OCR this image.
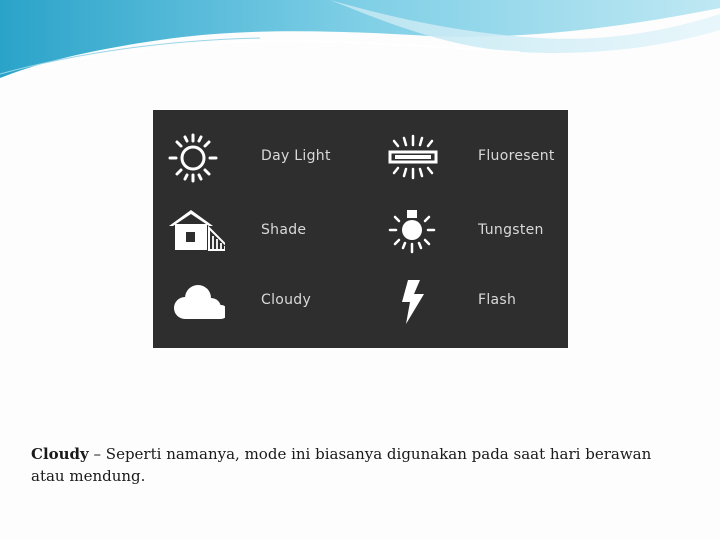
Day Light	Fluoresent
Shade	Tungsten
Cloudy	Flash

Cloudy – Seperti namanya, mode ini biasanya digunakan pada saat hari berawan atau mendung.
